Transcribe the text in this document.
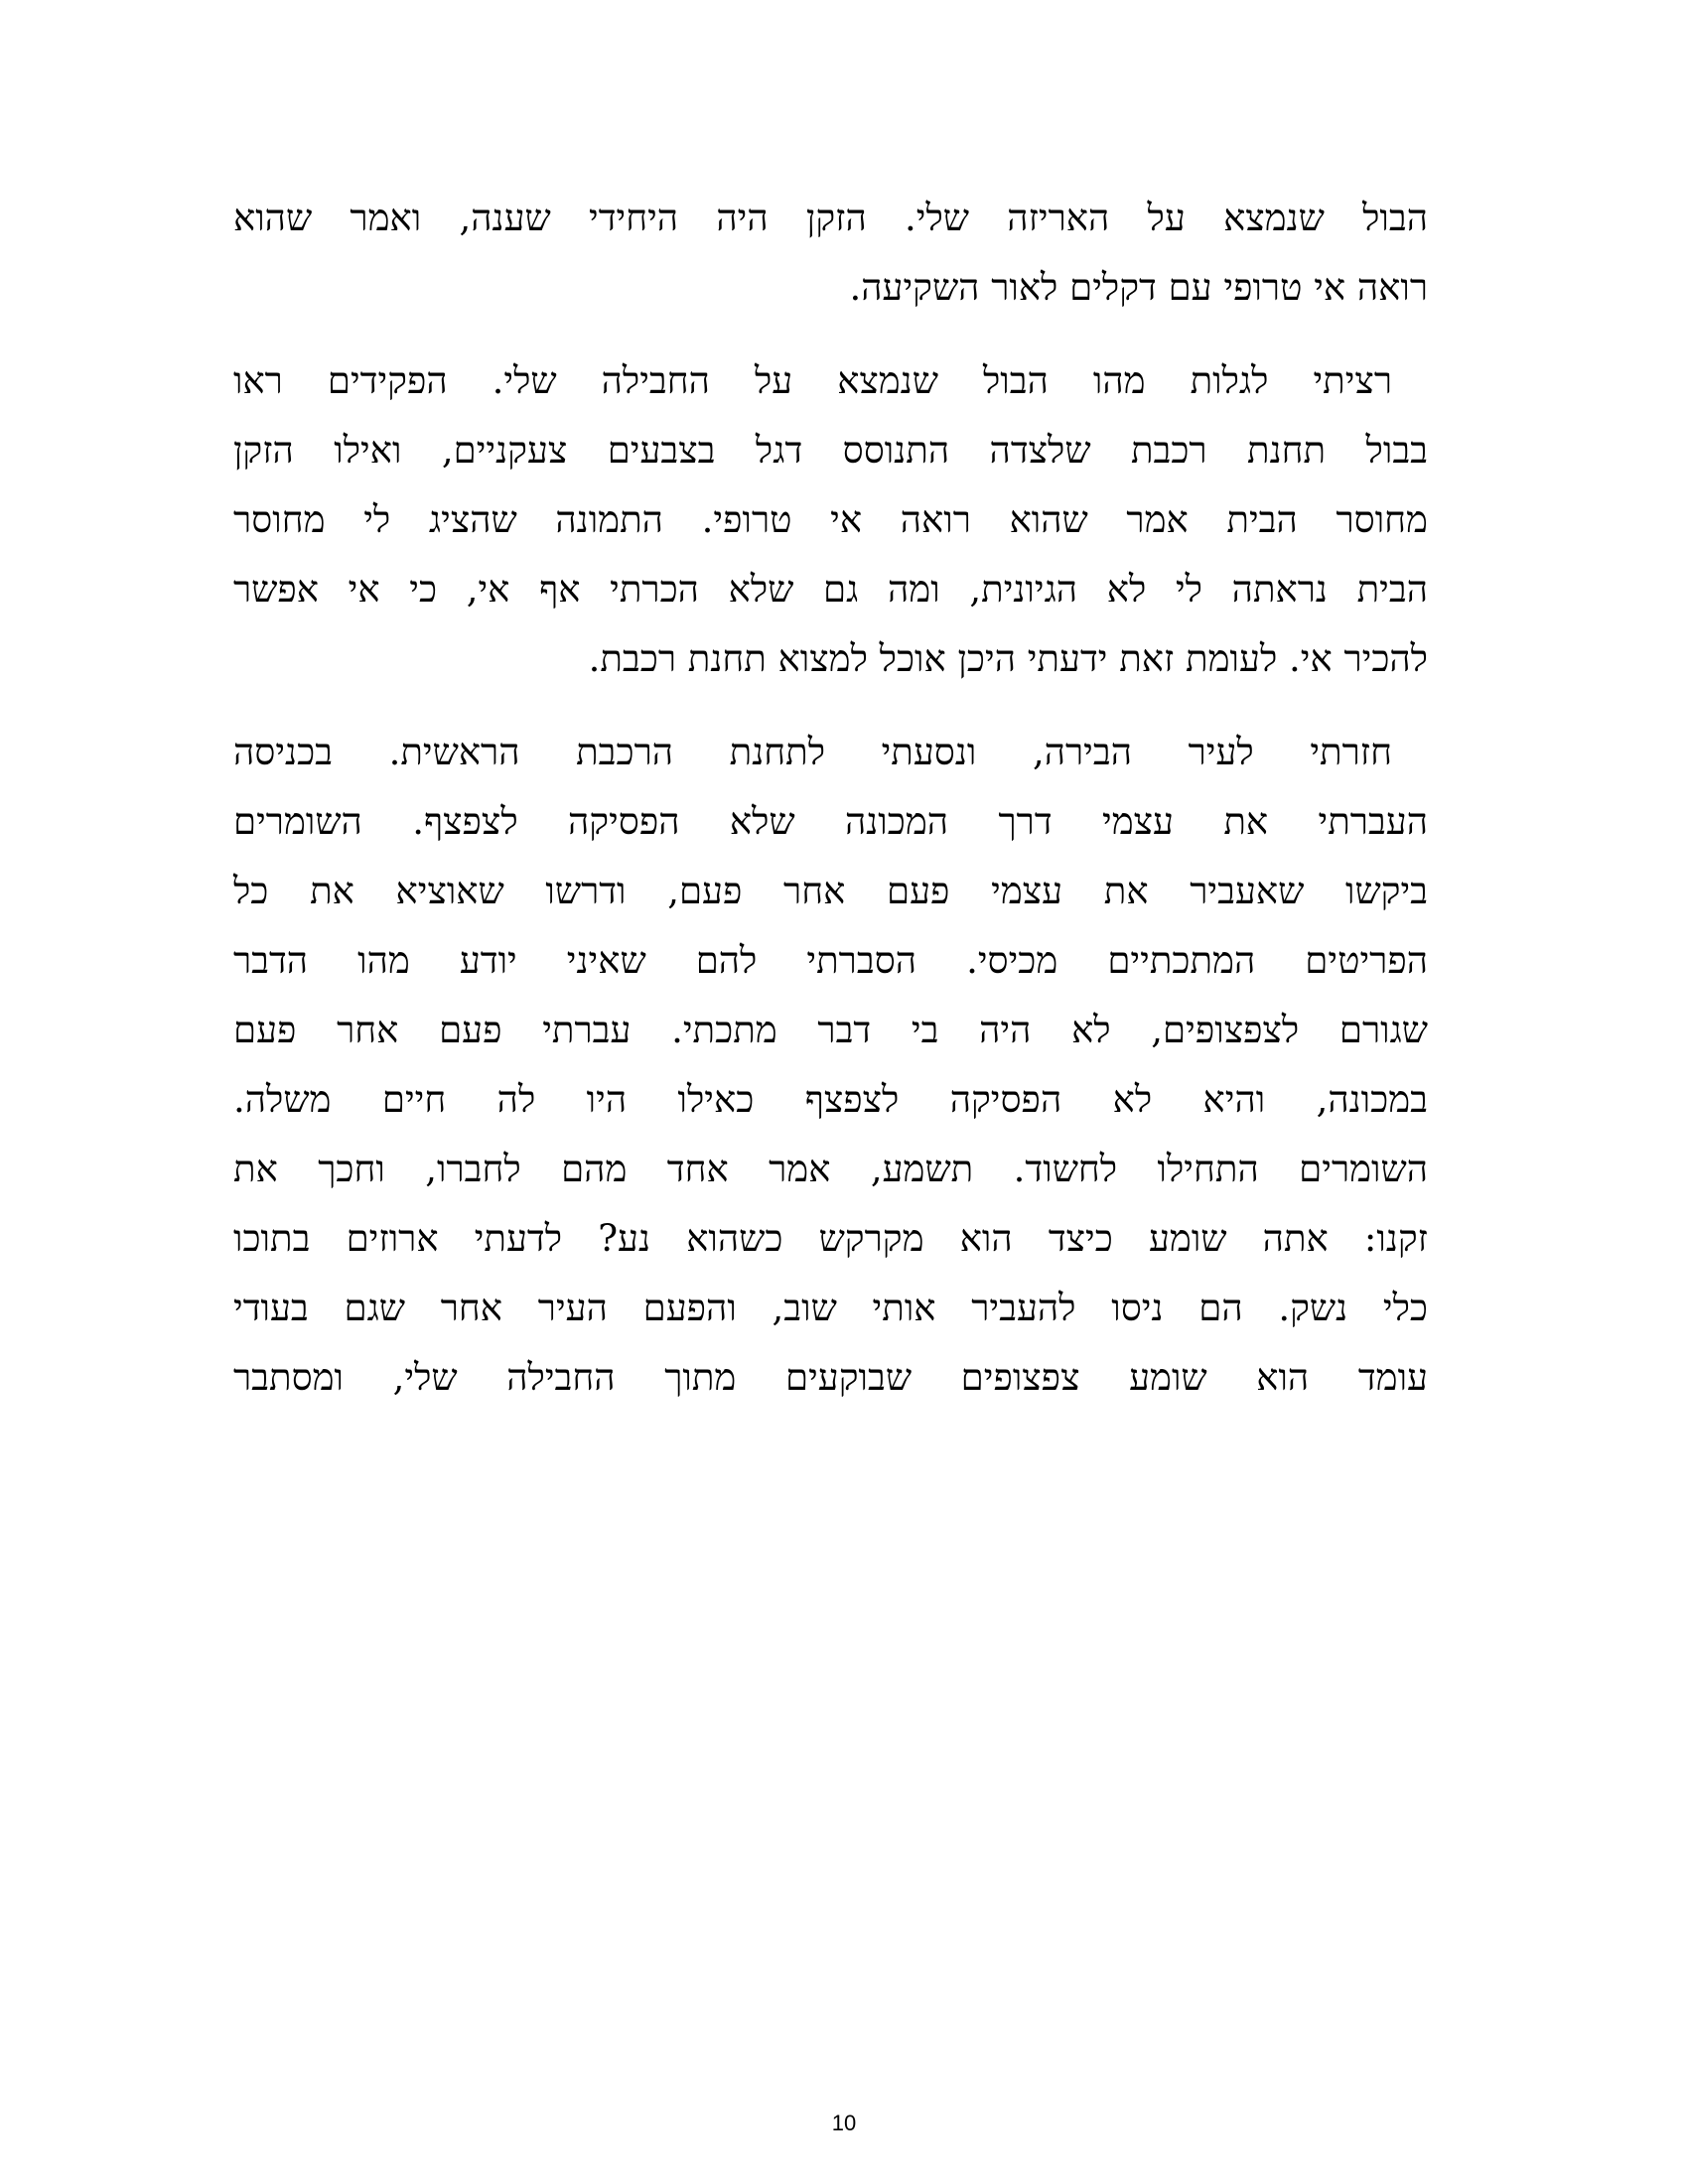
הבול שנמצא על האריזה שלי. הזקן היה היחידי שענה, ואמר שהוא
רואה אי טרופי עם דקלים לאור השקיעה.
רציתי לגלות מהו הבול שנמצא על החבילה שלי. הפקידים ראו
בבול תחנת רכבת שלצדה התנוסס דגל בצבעים צעקניים, ואילו הזקן
מחוסר הבית אמר שהוא רואה אי טרופי. התמונה שהציג לי מחוסר
הבית נראתה לי לא הגיונית, ומה גם שלא הכרתי אף אי, כי אי אפשר
להכיר אי. לעומת זאת ידעתי היכן אוכל למצוא תחנת רכבת.
חזרתי לעיר הבירה, ונסעתי לתחנת הרכבת הראשית. בכניסה
העברתי את עצמי דרך המכונה שלא הפסיקה לצפצף. השומרים
ביקשו שאעביר את עצמי פעם אחר פעם, ודרשו שאוציא את כל
הפריטים המתכתיים מכיסי. הסברתי להם שאיני יודע מהו הדבר
שגורם לצפצופים, לא היה בי דבר מתכתי. עברתי פעם אחר פעם
במכונה, והיא לא הפסיקה לצפצף כאילו היו לה חיים משלה.
השומרים התחילו לחשוד. תשמע, אמר אחד מהם לחברו, וחכך את
זקנו: אתה שומע כיצד הוא מקרקש כשהוא נע? לדעתי ארוזים בתוכו
כלי נשק. הם ניסו להעביר אותי שוב, והפעם העיר אחר שגם בעודי
עומד הוא שומע צפצופים שבוקעים מתוך החבילה שלי, ומסתבר
10
